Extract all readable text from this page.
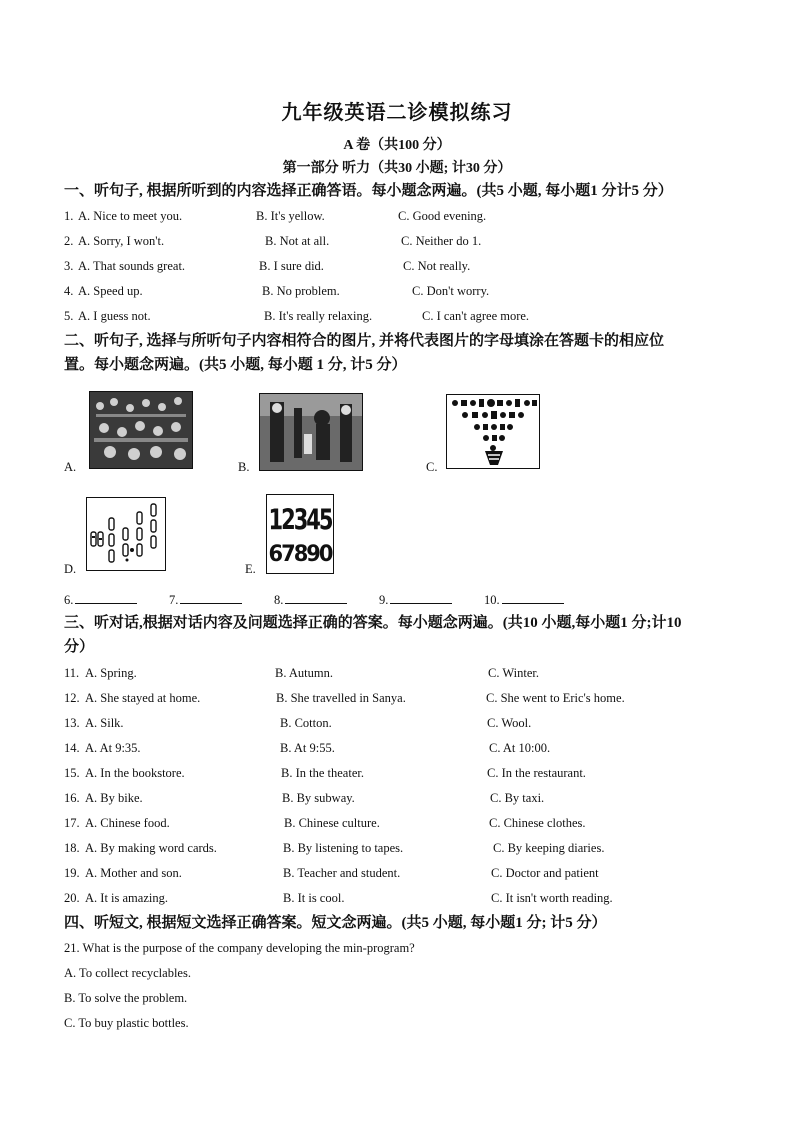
九年级英语二诊模拟练习
A 卷（共100 分）
第一部分 听力（共30 小题; 计30 分）
一、听句子, 根据所听到的内容选择正确答语。每小题念两遍。(共5 小题, 每小题1 分计5 分）
1. A. Nice to meet you.	B. It's yellow.	C. Good evening.
2. A. Sorry, I won't.	B. Not at all.	C. Neither do 1.
3. A. That sounds great.	B. I sure did.	C. Not really.
4. A. Speed up.	B. No problem.	C. Don't worry.
5. A. I guess not.	B. It's really relaxing.	C. I can't agree more.
二、听句子, 选择与所听句子内容相符合的图片, 并将代表图片的字母填涂在答题卡的相应位
置。每小题念两遍。(共5 小题, 每小题 1 分, 计5 分）
A.	B.	C.
D.	E.
12345
67890
6.	7.	8.	9.	10.
三、听对话,根据对话内容及问题选择正确的答案。每小题念两遍。(共10 小题,每小题1 分;计10
分）
11. A. Spring.	B. Autumn.	C. Winter.
12. A. She stayed at home.	B. She travelled in Sanya.	C. She went to Eric's home.
13. A. Silk.	B. Cotton.	C. Wool.
14. A. At 9:35.	B. At 9:55.	C. At 10:00.
15. A. In the bookstore.	B. In the theater.	C. In the restaurant.
16. A. By bike.	B. By subway.	C. By taxi.
17. A. Chinese food.	B. Chinese culture.	C. Chinese clothes.
18. A. By making word cards.	B. By listening to tapes.	C. By keeping diaries.
19. A. Mother and son.	B. Teacher and student.	C. Doctor and patient
20. A. It is amazing.	B. It is cool.	C. It isn't worth reading.
四、听短文, 根据短文选择正确答案。短文念两遍。(共5 小题, 每小题1 分; 计5 分）
21. What is the purpose of the company developing the min-program?
A. To collect recyclables.
B. To solve the problem.
C. To buy plastic bottles.
